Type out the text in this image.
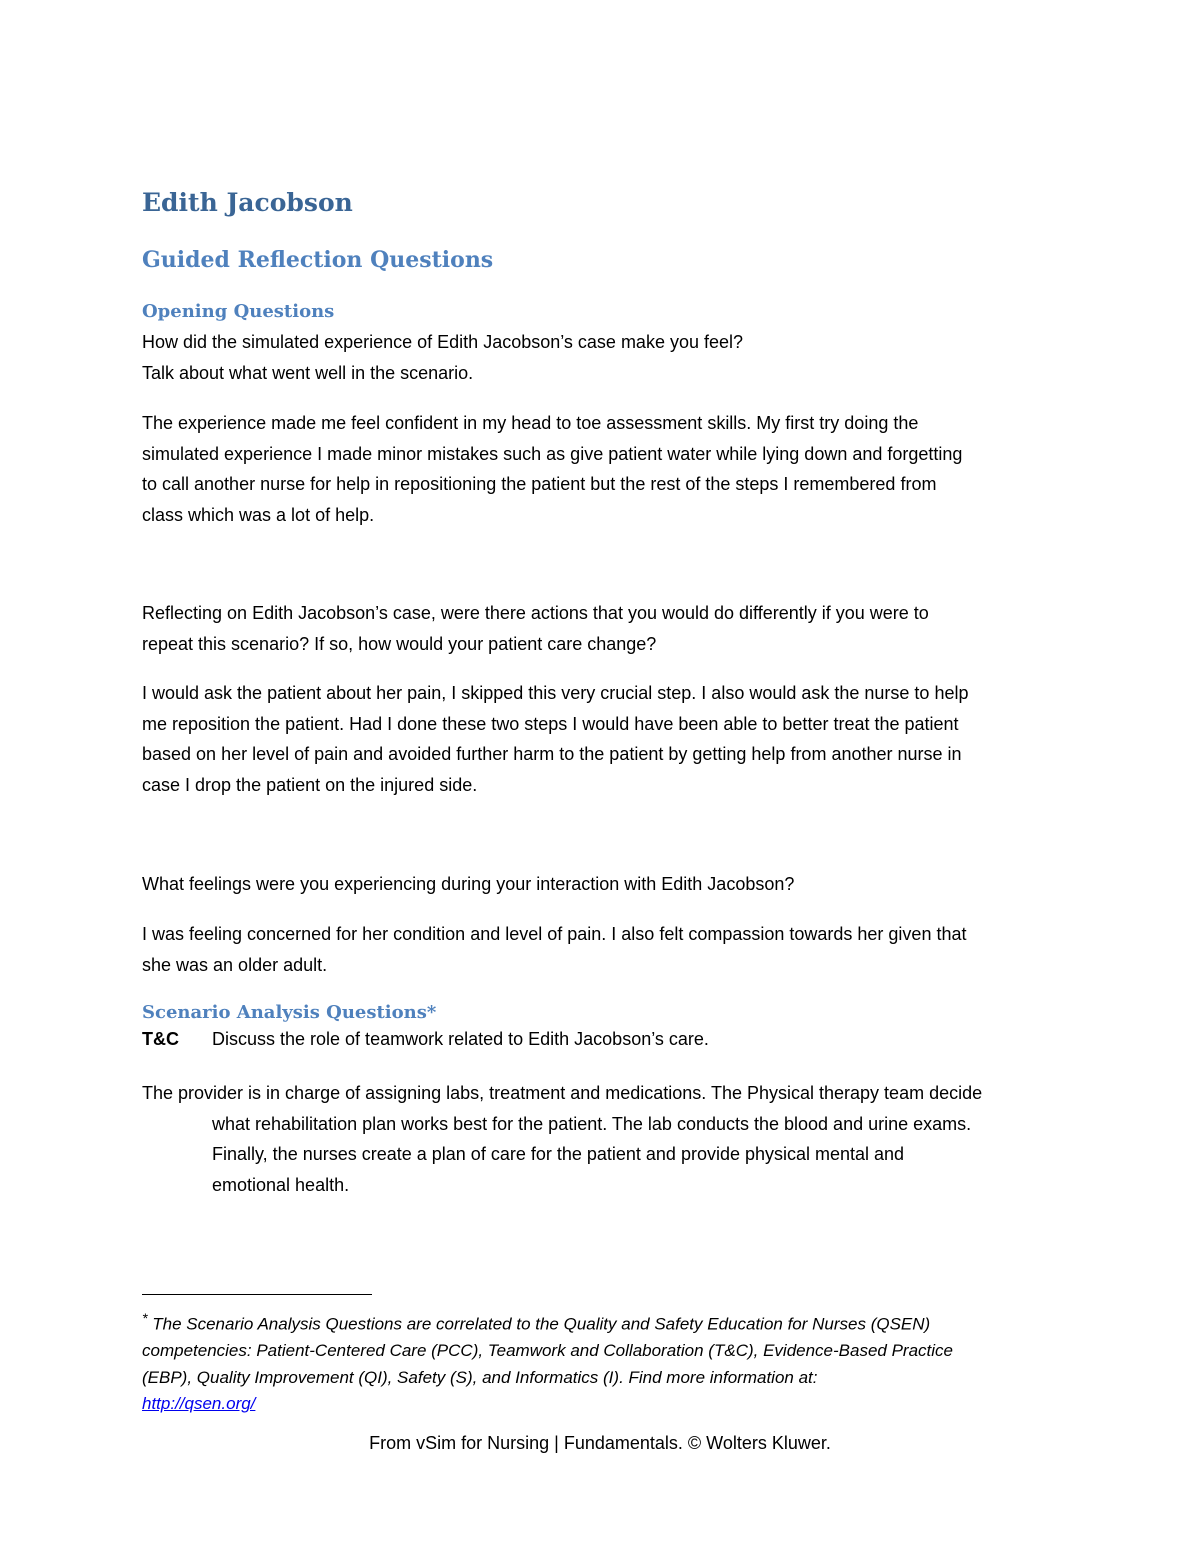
Edith Jacobson
Guided Reflection Questions
Opening Questions
How did the simulated experience of Edith Jacobson’s case make you feel?
Talk about what went well in the scenario.
The experience made me feel confident in my head to toe assessment skills. My first try doing the
simulated experience I made minor mistakes such as give patient water while lying down and forgetting
to call another nurse for help in repositioning the patient but the rest of the steps I remembered from
class which was a lot of help.
Reflecting on Edith Jacobson’s case, were there actions that you would do differently if you were to
repeat this scenario? If so, how would your patient care change?
I would ask the patient about her pain, I skipped this very crucial step. I also would ask the nurse to help
me reposition the patient. Had I done these two steps I would have been able to better treat the patient
based on her level of pain and avoided further harm to the patient by getting help from another nurse in
case I drop the patient on the injured side.
What feelings were you experiencing during your interaction with Edith Jacobson?
I was feeling concerned for her condition and level of pain. I also felt compassion towards her given that
she was an older adult.
Scenario Analysis Questions*
T&C Discuss the role of teamwork related to Edith Jacobson’s care.
The provider is in charge of assigning labs, treatment and medications. The Physical therapy team decide
what rehabilitation plan works best for the patient. The lab conducts the blood and urine exams.
Finally, the nurses create a plan of care for the patient and provide physical mental and
emotional health.
* The Scenario Analysis Questions are correlated to the Quality and Safety Education for Nurses (QSEN)
competencies: Patient-Centered Care (PCC), Teamwork and Collaboration (T&C), Evidence-Based Practice
(EBP), Quality Improvement (QI), Safety (S), and Informatics (I). Find more information at:
http://qsen.org/
From vSim for Nursing | Fundamentals. © Wolters Kluwer.
